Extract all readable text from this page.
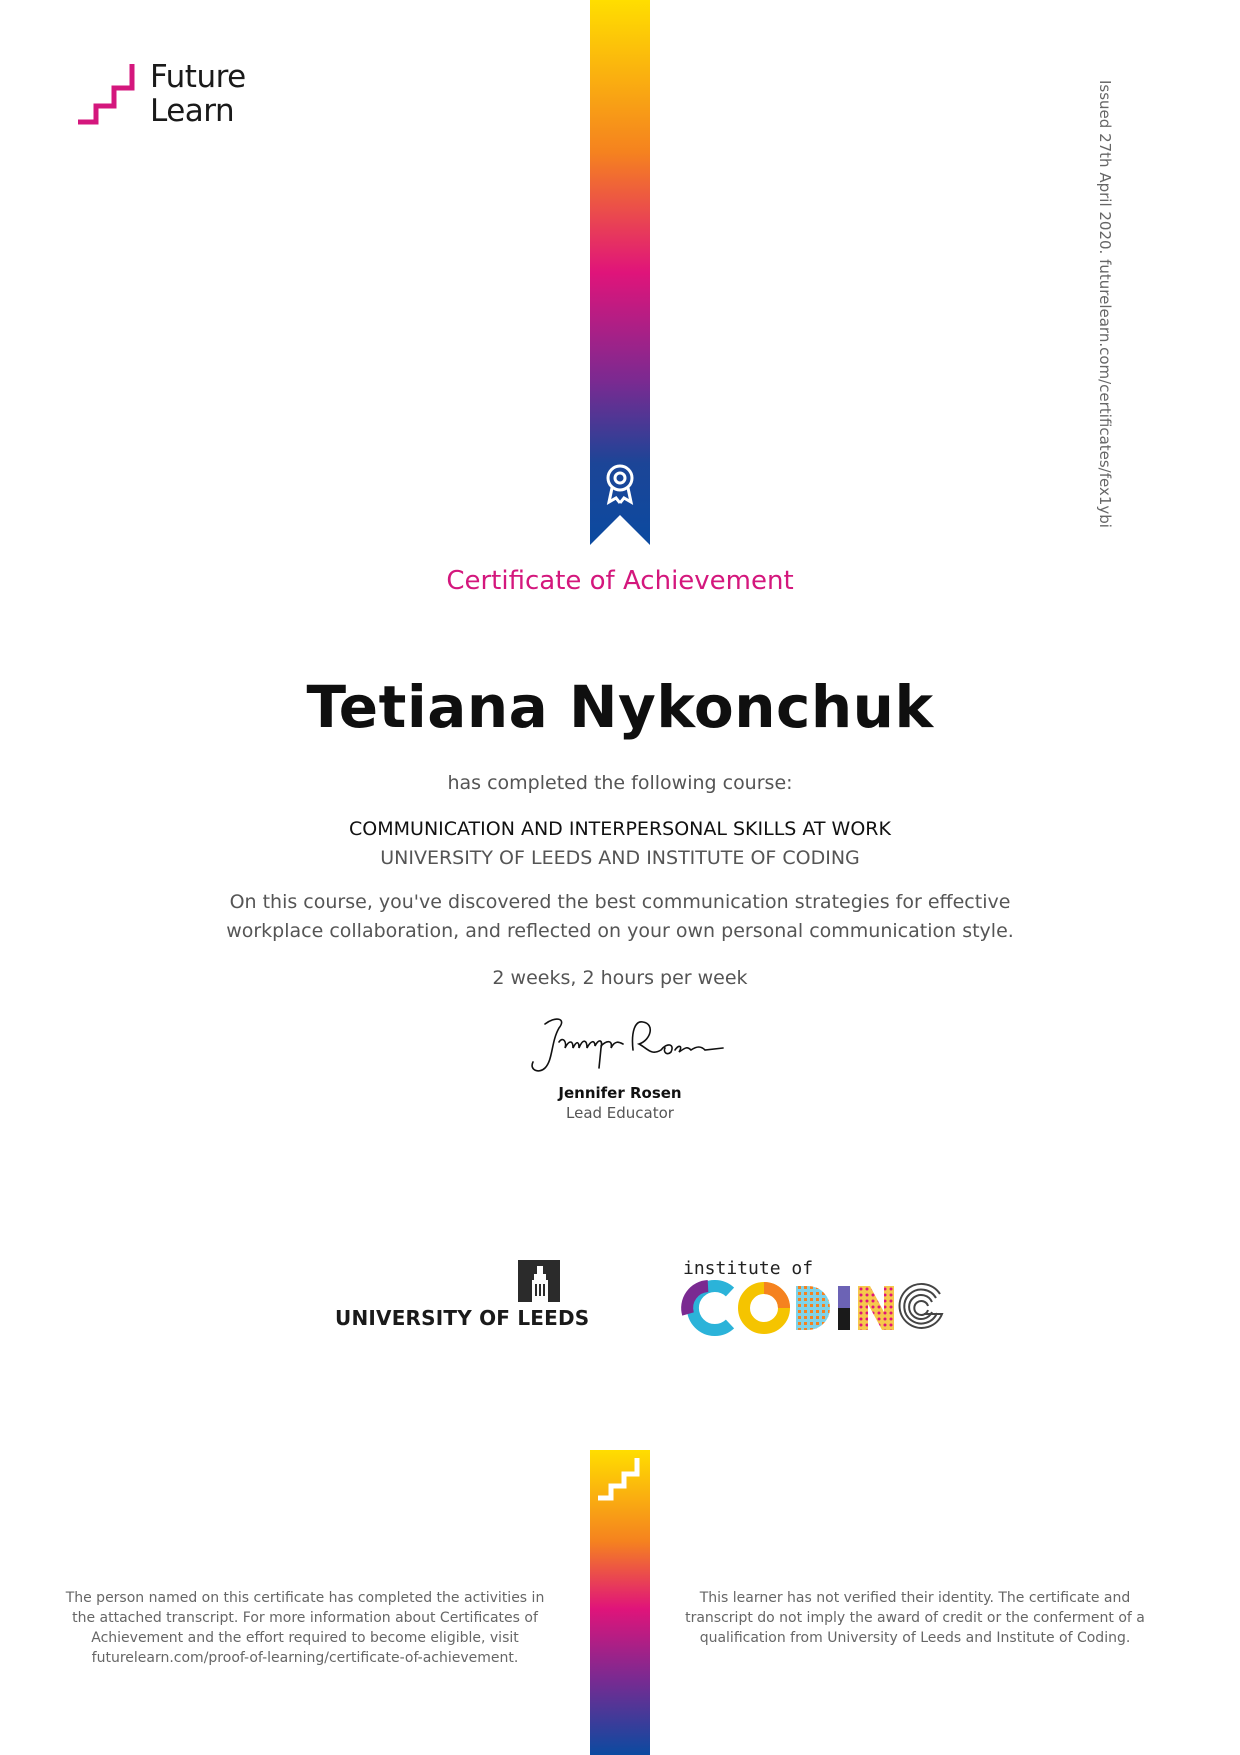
Future
Learn	Issued 27th April 2020. futurelearn.com/certificates/fex1ybi
Certificate of Achievement
Tetiana Nykonchuk
has completed the following course:
COMMUNICATION AND INTERPERSONAL SKILLS AT WORK
UNIVERSITY OF LEEDS AND INSTITUTE OF CODING
On this course, you've discovered the best communication strategies for effective workplace collaboration, and reflected on your own personal communication style.
2 weeks, 2 hours per week
Jennifer Rosen
Lead Educator
UNIVERSITY OF LEEDS
institute of
The person named on this certificate has completed the activities in the attached transcript. For more information about Certificates of Achievement and the effort required to become eligible, visit futurelearn.com/proof-of-learning/certificate-of-achievement.
This learner has not verified their identity. The certificate and transcript do not imply the award of credit or the conferment of a qualification from University of Leeds and Institute of Coding.
